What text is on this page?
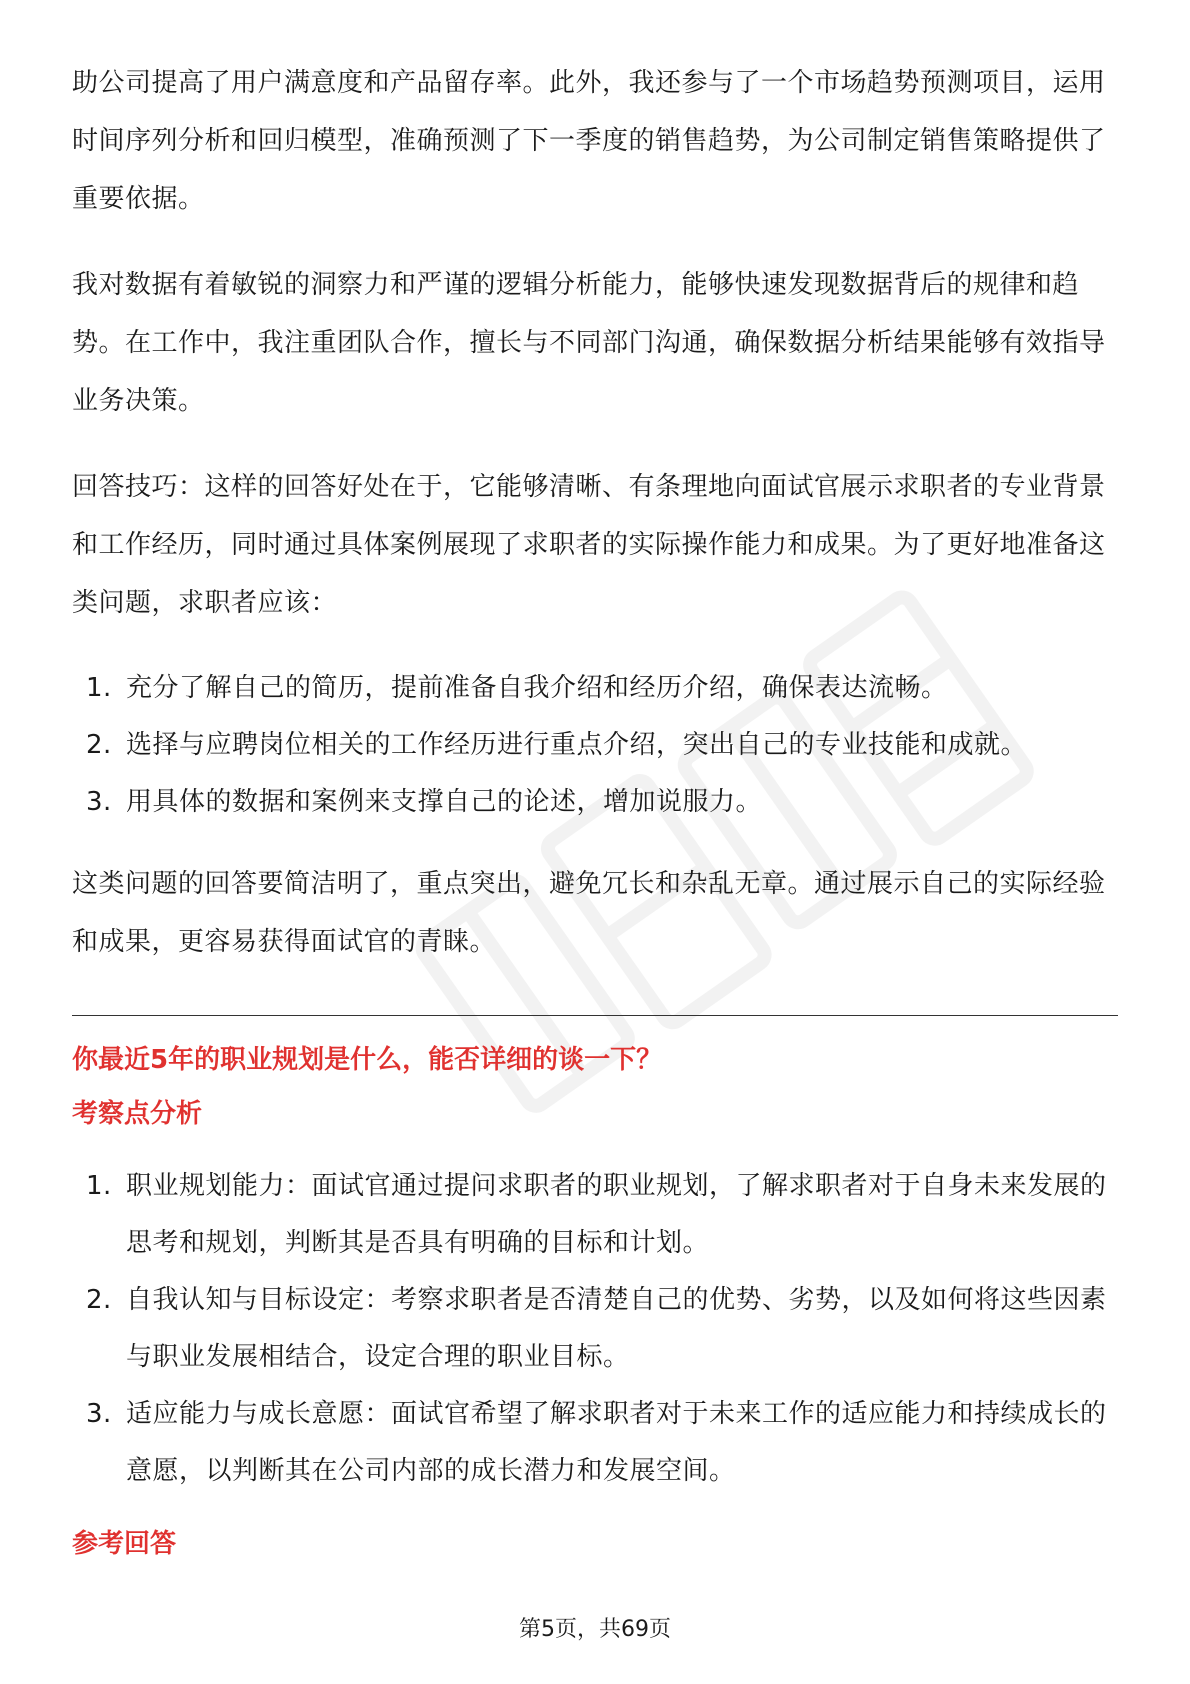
助公司提高了用户满意度和产品留存率。此外，我还参与了一个市场趋势预测项目，运用时间序列分析和回归模型，准确预测了下一季度的销售趋势，为公司制定销售策略提供了重要依据。

我对数据有着敏锐的洞察力和严谨的逻辑分析能力，能够快速发现数据背后的规律和趋势。在工作中，我注重团队合作，擅长与不同部门沟通，确保数据分析结果能够有效指导业务决策。

回答技巧：这样的回答好处在于，它能够清晰、有条理地向面试官展示求职者的专业背景和工作经历，同时通过具体案例展现了求职者的实际操作能力和成果。为了更好地准备这类问题，求职者应该：

1. 充分了解自己的简历，提前准备自我介绍和经历介绍，确保表达流畅。
2. 选择与应聘岗位相关的工作经历进行重点介绍，突出自己的专业技能和成就。
3. 用具体的数据和案例来支撑自己的论述，增加说服力。

这类问题的回答要简洁明了，重点突出，避免冗长和杂乱无章。通过展示自己的实际经验和成果，更容易获得面试官的青睐。

你最近5年的职业规划是什么，能否详细的谈一下？
考察点分析
1. 职业规划能力：面试官通过提问求职者的职业规划，了解求职者对于自身未来发展的思考和规划，判断其是否具有明确的目标和计划。
2. 自我认知与目标设定：考察求职者是否清楚自己的优势、劣势，以及如何将这些因素与职业发展相结合，设定合理的职业目标。
3. 适应能力与成长意愿：面试官希望了解求职者对于未来工作的适应能力和持续成长的意愿，以判断其在公司内部的成长潜力和发展空间。
参考回答
第5页，共69页
